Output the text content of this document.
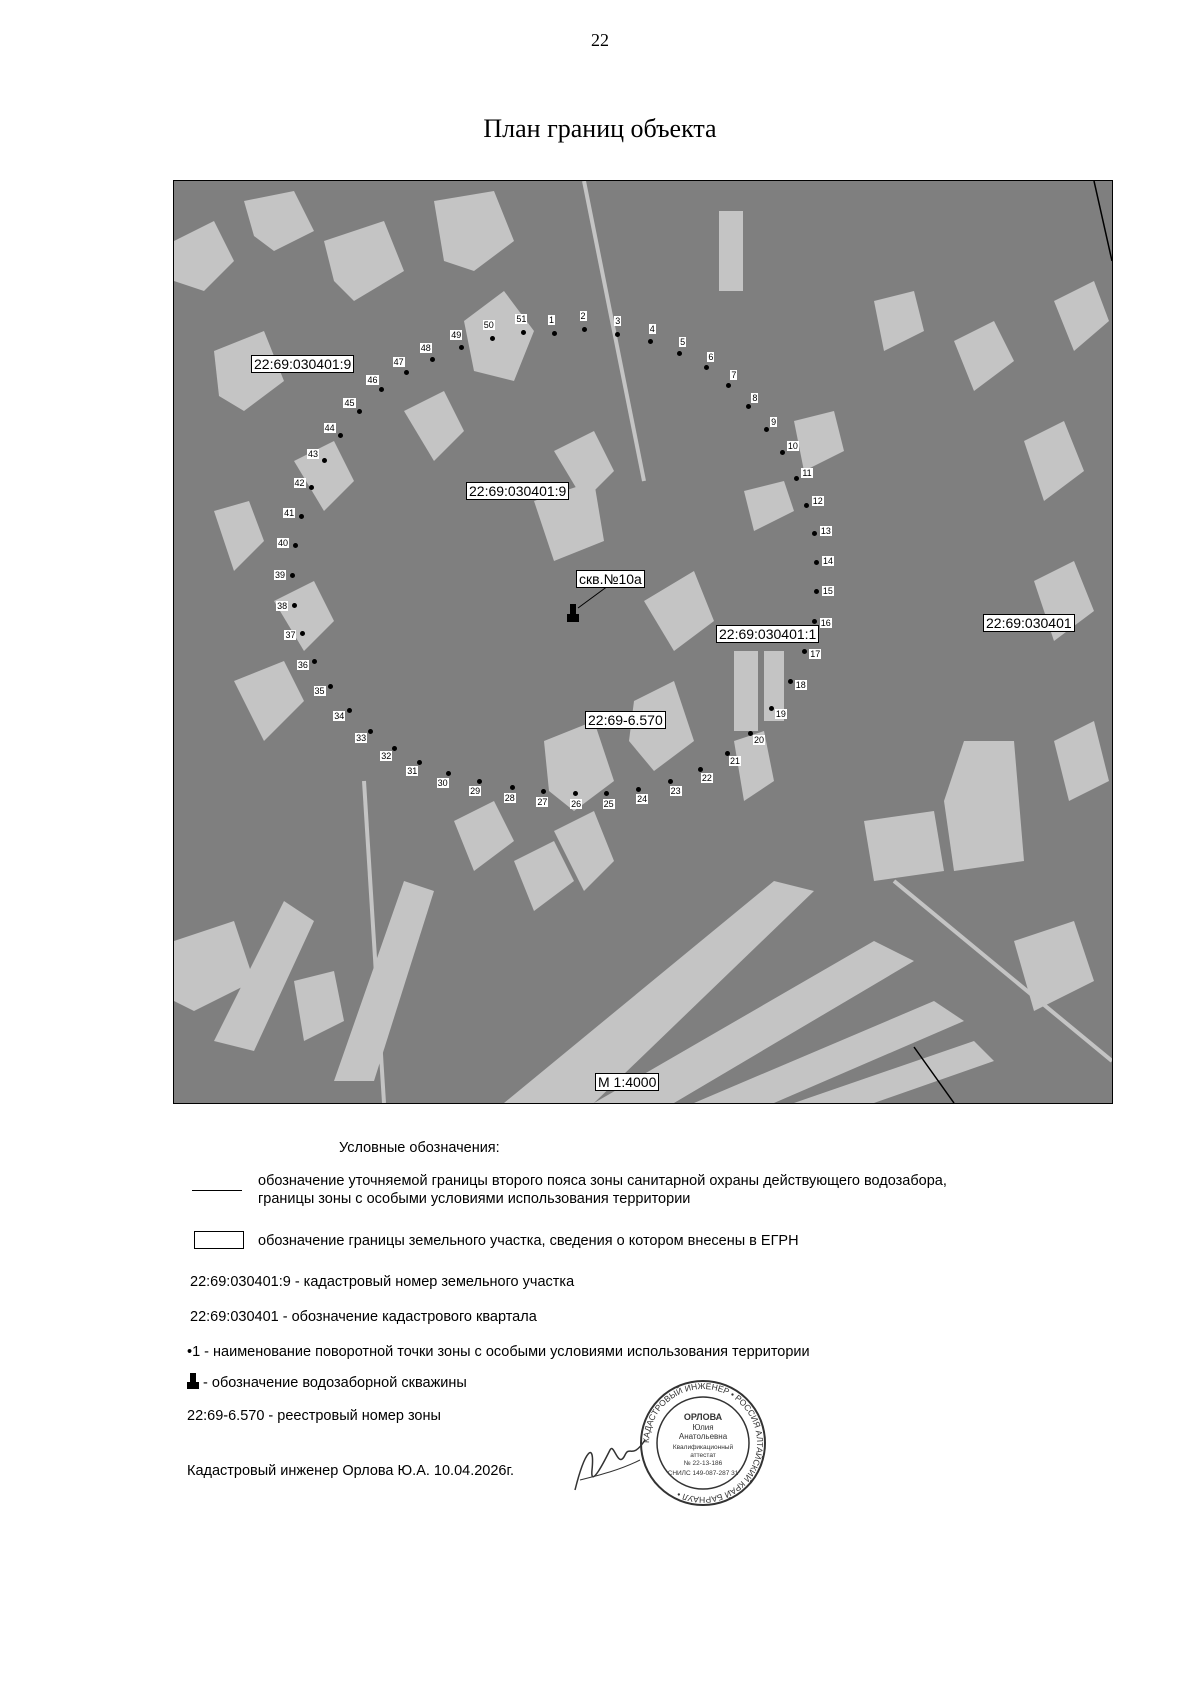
22
План границ объекта
1	2
3
4
5
6
7
8
9
10
11
12
13
14
15
16
17
18
19
20
21
22
23
24
25
26
27
28
29
30
31
32
33
34
35
36
37
38
39
40
41
42
43
44
45
46
47
48
49
50
51
22:69:030401:9
22:69:030401:9
скв.№10а
22:69:030401:1
22:69:030401
22:69-6.570
М 1:4000
Условные обозначения:
обозначение уточняемой границы второго пояса зоны санитарной охраны действующего водозабора,
границы зоны с особыми условиями использования территории
обозначение границы земельного участка, сведения о котором внесены в ЕГРН
22:69:030401:9 - кадастровый номер земельного участка
22:69:030401 - обозначение кадастрового квартала
•1 - наименование поворотной точки зоны с особыми условиями использования территории
- обозначение водозаборной скважины
22:69-6.570 - реестровый номер зоны
Кадастровый инженер Орлова Ю.А. 10.04.2026г.
КАДАСТРОВЫЙ ИНЖЕНЕР • РОССИЯ АЛТАЙСКИЙ КРАЙ БАРНАУЛ •
ОРЛОВА
Юлия
Анатольевна
Квалификационный
аттестат
№ 22-13-186
СНИЛС 149-087-287 31
